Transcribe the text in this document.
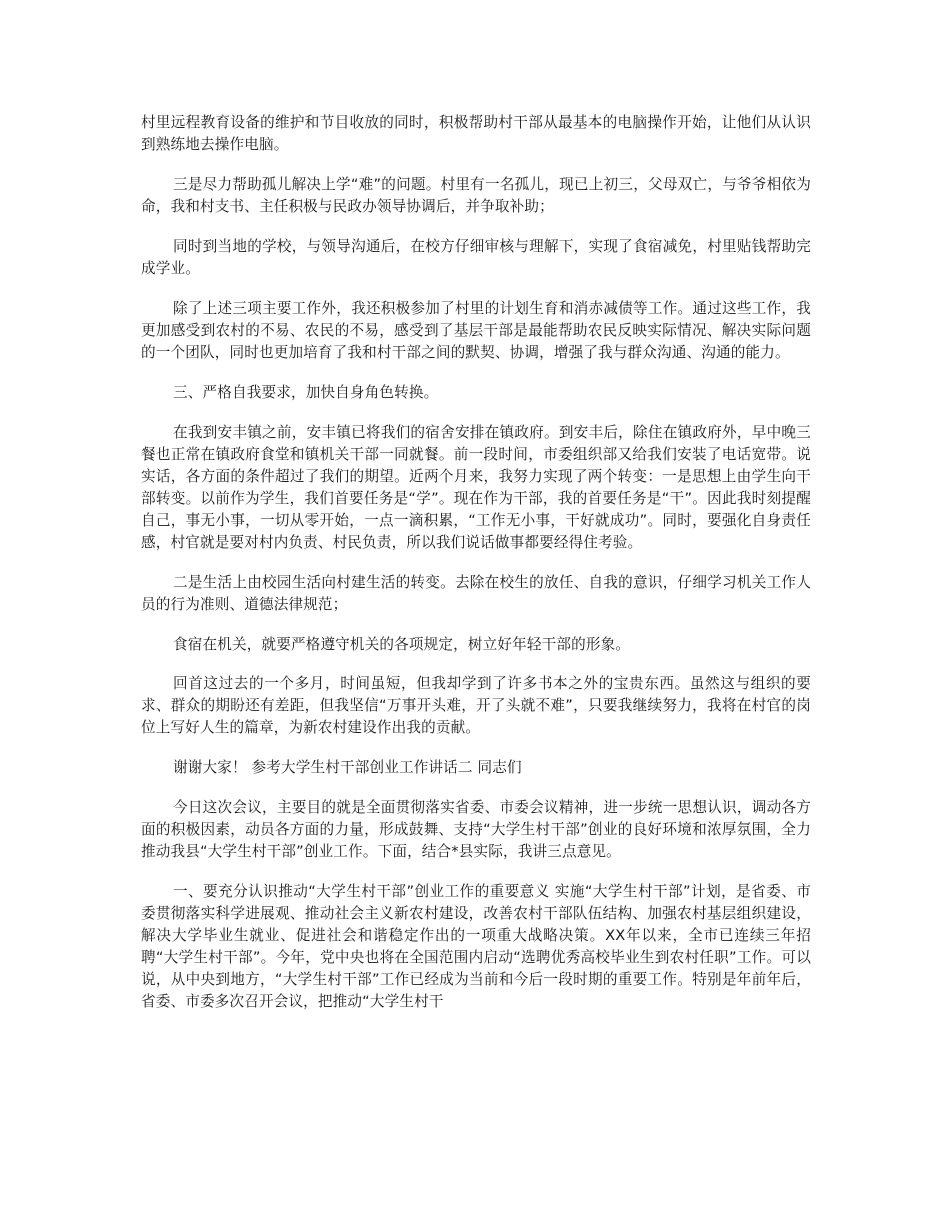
村里远程教育设备的维护和节目收放的同时，积极帮助村干部从最基本的电脑操作开始，让他们从认识到熟练地去操作电脑。

三是尽力帮助孤儿解决上学“难”的问题。村里有一名孤儿，现已上初三，父母双亡，与爷爷相依为命，我和村支书、主任积极与民政办领导协调后，并争取补助；

同时到当地的学校，与领导沟通后，在校方仔细审核与理解下，实现了食宿减免，村里贴钱帮助完成学业。

除了上述三项主要工作外，我还积极参加了村里的计划生育和消赤减债等工作。通过这些工作，我更加感受到农村的不易、农民的不易，感受到了基层干部是最能帮助农民反映实际情况、解决实际问题的一个团队，同时也更加培育了我和村干部之间的默契、协调，增强了我与群众沟通、沟通的能力。

三、严格自我要求，加快自身角色转换。

在我到安丰镇之前，安丰镇已将我们的宿舍安排在镇政府。到安丰后，除住在镇政府外，早中晚三餐也正常在镇政府食堂和镇机关干部一同就餐。前一段时间，市委组织部又给我们安装了电话宽带。说实话，各方面的条件超过了我们的期望。近两个月来，我努力实现了两个转变：一是思想上由学生向干部转变。以前作为学生，我们首要任务是“学”。现在作为干部，我的首要任务是“干”。因此我时刻提醒自己，事无小事，一切从零开始，一点一滴积累，“工作无小事，干好就成功”。同时，要强化自身责任感，村官就是要对村内负责、村民负责，所以我们说话做事都要经得住考验。

二是生活上由校园生活向村建生活的转变。去除在校生的放任、自我的意识，仔细学习机关工作人员的行为准则、道德法律规范；

食宿在机关，就要严格遵守机关的各项规定，树立好年轻干部的形象。

回首这过去的一个多月，时间虽短，但我却学到了许多书本之外的宝贵东西。虽然这与组织的要求、群众的期盼还有差距，但我坚信“万事开头难，开了头就不难”，只要我继续努力，我将在村官的岗位上写好人生的篇章，为新农村建设作出我的贡献。

谢谢大家！ 参考大学生村干部创业工作讲话二 同志们

今日这次会议，主要目的就是全面贯彻落实省委、市委会议精神，进一步统一思想认识，调动各方面的积极因素，动员各方面的力量，形成鼓舞、支持“大学生村干部”创业的良好环境和浓厚氛围，全力推动我县“大学生村干部”创业工作。下面，结合*县实际，我讲三点意见。

一、要充分认识推动“大学生村干部”创业工作的重要意义 实施“大学生村干部”计划，是省委、市委贯彻落实科学进展观、推动社会主义新农村建设，改善农村干部队伍结构、加强农村基层组织建设，解决大学毕业生就业、促进社会和谐稳定作出的一项重大战略决策。XX年以来，全市已连续三年招聘“大学生村干部”。今年，党中央也将在全国范围内启动“选聘优秀高校毕业生到农村任职”工作。可以说，从中央到地方，“大学生村干部”工作已经成为当前和今后一段时期的重要工作。特别是年前年后，省委、市委多次召开会议，把推动“大学生村干
